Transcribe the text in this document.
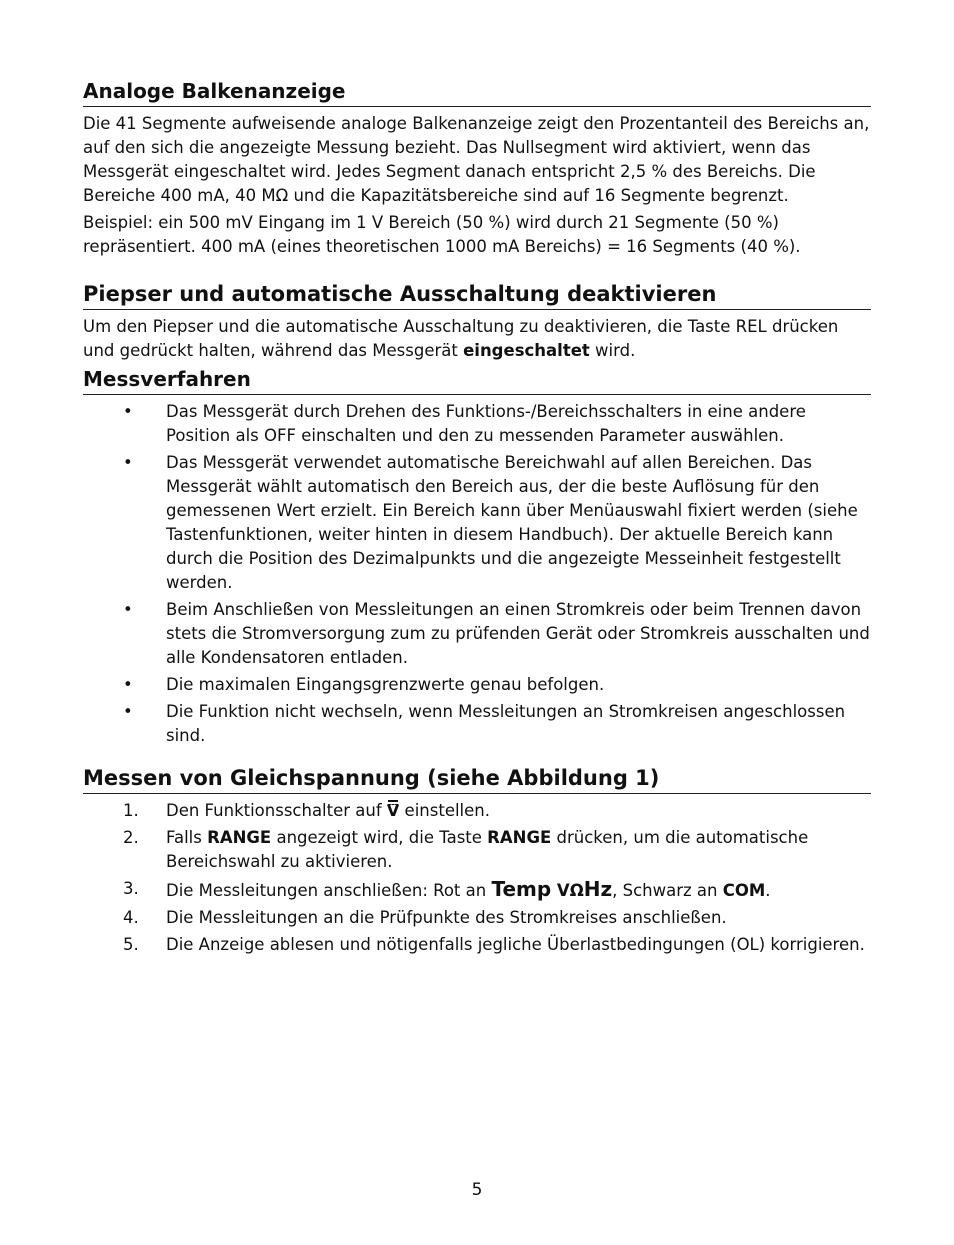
Analoge Balkenanzeige

Die 41 Segmente aufweisende analoge Balkenanzeige zeigt den Prozentanteil des Bereichs an, auf den sich die angezeigte Messung bezieht. Das Nullsegment wird aktiviert, wenn das Messgerät eingeschaltet wird. Jedes Segment danach entspricht 2,5 % des Bereichs. Die Bereiche 400 mA, 40 MΩ und die Kapazitätsbereiche sind auf 16 Segmente begrenzt.

Beispiel: ein 500 mV Eingang im 1 V Bereich (50 %) wird durch 21 Segmente (50 %) repräsentiert. 400 mA (eines theoretischen 1000 mA Bereichs) = 16 Segments (40 %).

Piepser und automatische Ausschaltung deaktivieren

Um den Piepser und die automatische Ausschaltung zu deaktivieren, die Taste REL drücken und gedrückt halten, während das Messgerät eingeschaltet wird.

Messverfahren
• Das Messgerät durch Drehen des Funktions-/Bereichsschalters in eine andere Position als OFF einschalten und den zu messenden Parameter auswählen.
• Das Messgerät verwendet automatische Bereichwahl auf allen Bereichen. Das Messgerät wählt automatisch den Bereich aus, der die beste Auflösung für den gemessenen Wert erzielt. Ein Bereich kann über Menüauswahl fixiert werden (siehe Tastenfunktionen, weiter hinten in diesem Handbuch). Der aktuelle Bereich kann durch die Position des Dezimalpunkts und die angezeigte Messeinheit festgestellt werden.
• Beim Anschließen von Messleitungen an einen Stromkreis oder beim Trennen davon stets die Stromversorgung zum zu prüfenden Gerät oder Stromkreis ausschalten und alle Kondensatoren entladen.
• Die maximalen Eingangsgrenzwerte genau befolgen.
• Die Funktion nicht wechseln, wenn Messleitungen an Stromkreisen angeschlossen sind.
Messen von Gleichspannung (siehe Abbildung 1)
1. Den Funktionsschalter auf
V einstellen.
2. Falls RANGE angezeigt wird, die Taste RANGE drücken, um die automatische Bereichswahl zu aktivieren.
3. Die Messleitungen anschließen: Rot an Temp VΩHz, Schwarz an COM.
4. Die Messleitungen an die Prüfpunkte des Stromkreises anschließen.
5. Die Anzeige ablesen und nötigenfalls jegliche Überlastbedingungen (OL) korrigieren.
5
